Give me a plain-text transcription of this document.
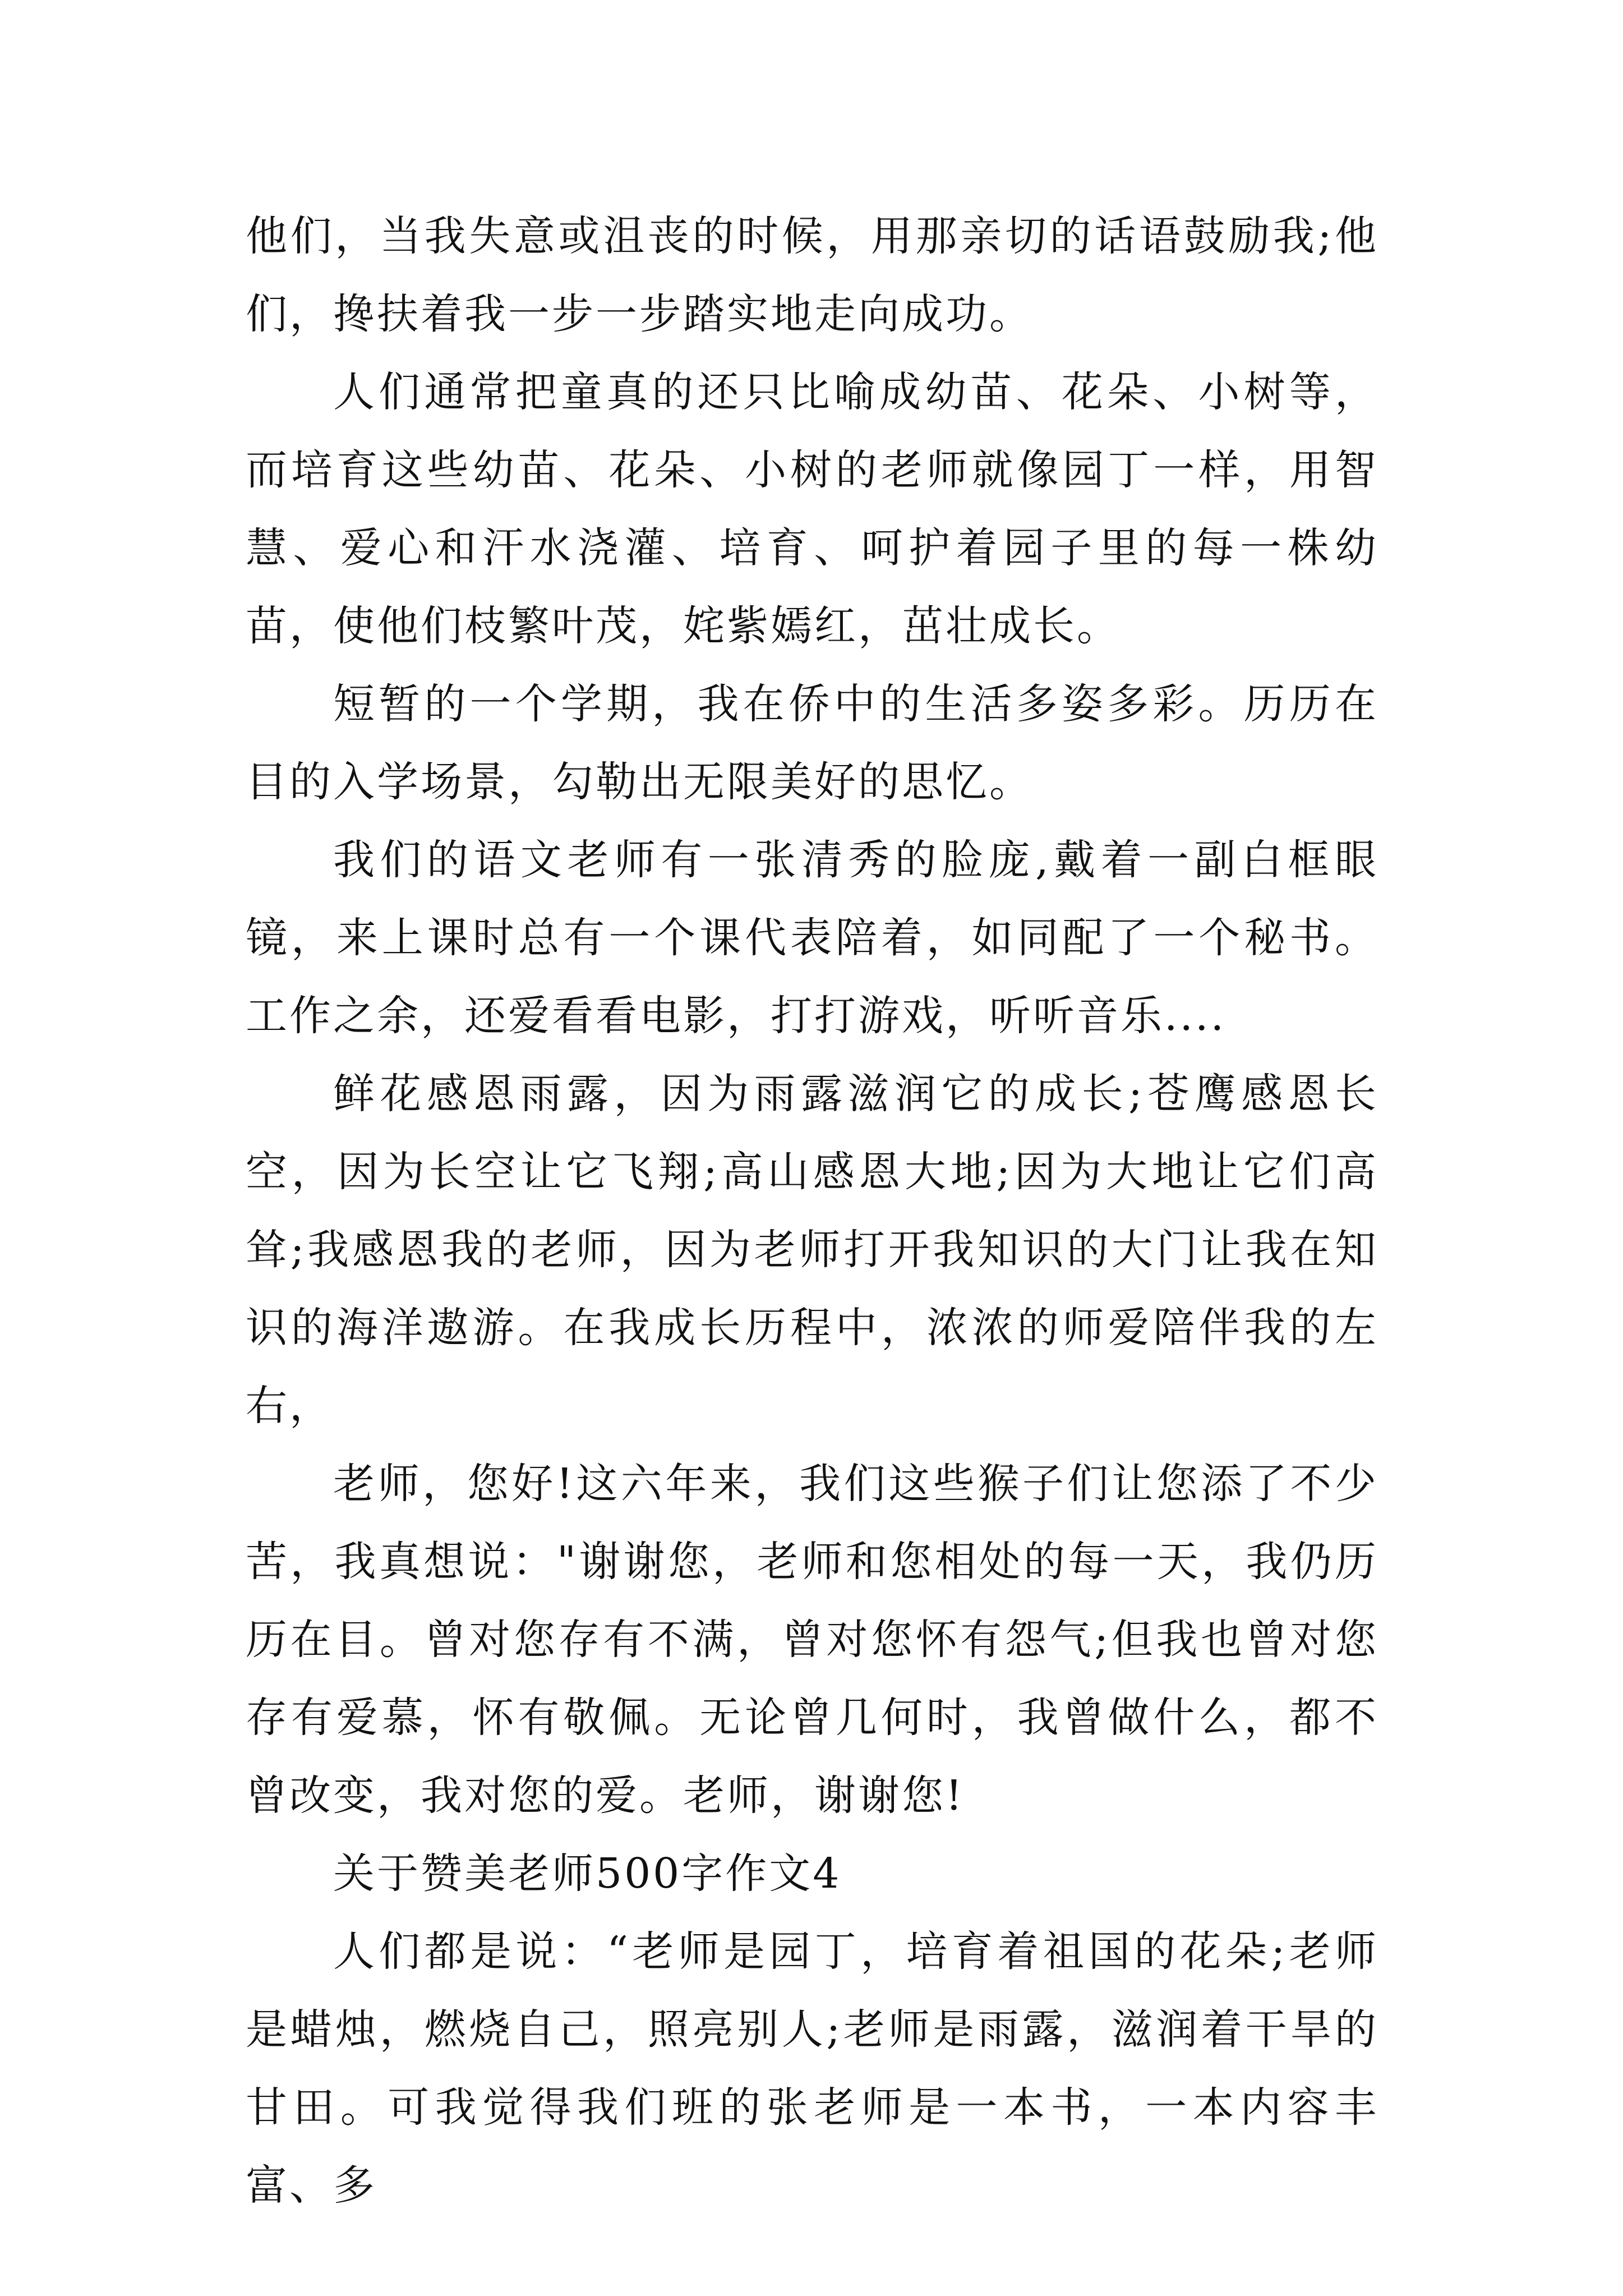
他们，当我失意或沮丧的时候，用那亲切的话语鼓励我;他们，搀扶着我一步一步踏实地走向成功。

人们通常把童真的还只比喻成幼苗、花朵、小树等，而培育这些幼苗、花朵、小树的老师就像园丁一样，用智慧、爱心和汗水浇灌、培育、呵护着园子里的每一株幼苗，使他们枝繁叶茂，姹紫嫣红，茁壮成长。

短暂的一个学期，我在侨中的生活多姿多彩。历历在目的入学场景，勾勒出无限美好的思忆。

我们的语文老师有一张清秀的脸庞,戴着一副白框眼镜，来上课时总有一个课代表陪着，如同配了一个秘书。工作之余，还爱看看电影，打打游戏，听听音乐....

鲜花感恩雨露，因为雨露滋润它的成长;苍鹰感恩长空，因为长空让它飞翔;高山感恩大地;因为大地让它们高耸;我感恩我的老师，因为老师打开我知识的大门让我在知识的海洋遨游。在我成长历程中，浓浓的师爱陪伴我的左右，

老师，您好!这六年来，我们这些猴子们让您添了不少苦，我真想说："谢谢您，老师和您相处的每一天，我仍历历在目。曾对您存有不满，曾对您怀有怨气;但我也曾对您存有爱慕，怀有敬佩。无论曾几何时，我曾做什么，都不曾改变，我对您的爱。老师，谢谢您!

关于赞美老师500字作文4

人们都是说：“老师是园丁，培育着祖国的花朵;老师是蜡烛，燃烧自己，照亮别人;老师是雨露，滋润着干旱的甘田。可我觉得我们班的张老师是一本书，一本内容丰富、多
